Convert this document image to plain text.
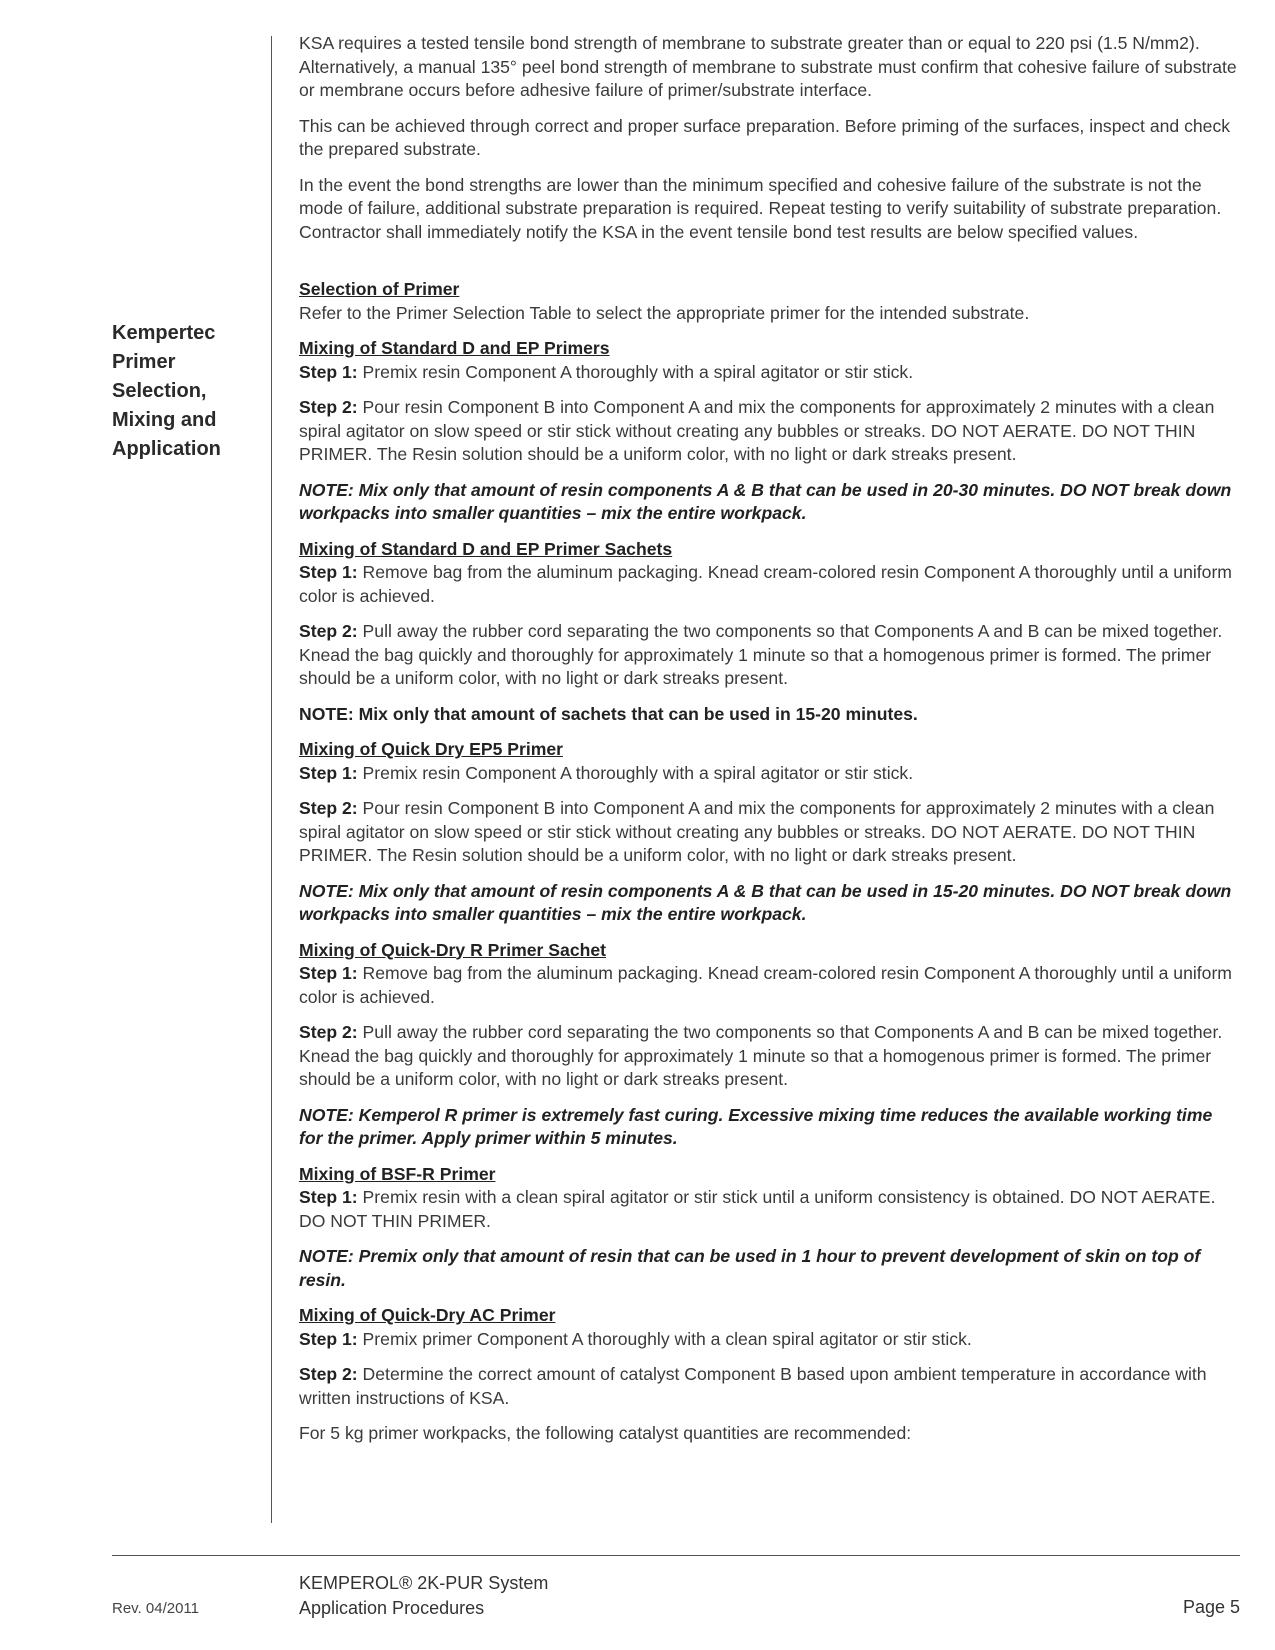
Kempertec
Primer
Selection,
Mixing and
Application

KSA requires a tested tensile bond strength of membrane to substrate greater than or equal to 220 psi (1.5 N/mm2). Alternatively, a manual 135° peel bond strength of membrane to substrate must confirm that cohesive failure of substrate or membrane occurs before adhesive failure of primer/substrate interface.

This can be achieved through correct and proper surface preparation. Before priming of the surfaces, inspect and check the prepared substrate.

In the event the bond strengths are lower than the minimum specified and cohesive failure of the substrate is not the mode of failure, additional substrate preparation is required. Repeat testing to verify suitability of substrate preparation. Contractor shall immediately notify the KSA in the event tensile bond test results are below specified values.

Selection of Primer
Refer to the Primer Selection Table to select the appropriate primer for the intended substrate.

Mixing of Standard D and EP Primers
Step 1: Premix resin Component A thoroughly with a spiral agitator or stir stick.

Step 2: Pour resin Component B into Component A and mix the components for approximately 2 minutes with a clean spiral agitator on slow speed or stir stick without creating any bubbles or streaks. DO NOT AERATE. DO NOT THIN PRIMER. The Resin solution should be a uniform color, with no light or dark streaks present.

NOTE: Mix only that amount of resin components A & B that can be used in 20-30 minutes. DO NOT break down workpacks into smaller quantities – mix the entire workpack.

Mixing of Standard D and EP Primer Sachets
Step 1: Remove bag from the aluminum packaging. Knead cream-colored resin Component A thoroughly until a uniform color is achieved.

Step 2: Pull away the rubber cord separating the two components so that Components A and B can be mixed together. Knead the bag quickly and thoroughly for approximately 1 minute so that a homogenous primer is formed. The primer should be a uniform color, with no light or dark streaks present.

NOTE: Mix only that amount of sachets that can be used in 15-20 minutes.

Mixing of Quick Dry EP5 Primer
Step 1: Premix resin Component A thoroughly with a spiral agitator or stir stick.

Step 2: Pour resin Component B into Component A and mix the components for approximately 2 minutes with a clean spiral agitator on slow speed or stir stick without creating any bubbles or streaks. DO NOT AERATE. DO NOT THIN PRIMER. The Resin solution should be a uniform color, with no light or dark streaks present.

NOTE: Mix only that amount of resin components A & B that can be used in 15-20 minutes. DO NOT break down workpacks into smaller quantities – mix the entire workpack.

Mixing of Quick-Dry R Primer Sachet
Step 1: Remove bag from the aluminum packaging. Knead cream-colored resin Component A thoroughly until a uniform color is achieved.

Step 2: Pull away the rubber cord separating the two components so that Components A and B can be mixed together. Knead the bag quickly and thoroughly for approximately 1 minute so that a homogenous primer is formed. The primer should be a uniform color, with no light or dark streaks present.

NOTE: Kemperol R primer is extremely fast curing. Excessive mixing time reduces the available working time for the primer. Apply primer within 5 minutes.

Mixing of BSF-R Primer
Step 1: Premix resin with a clean spiral agitator or stir stick until a uniform consistency is obtained. DO NOT AERATE. DO NOT THIN PRIMER.

NOTE: Premix only that amount of resin that can be used in 1 hour to prevent development of skin on top of resin.

Mixing of Quick-Dry AC Primer
Step 1: Premix primer Component A thoroughly with a clean spiral agitator or stir stick.

Step 2: Determine the correct amount of catalyst Component B based upon ambient temperature in accordance with written instructions of KSA.

For 5 kg primer workpacks, the following catalyst quantities are recommended:

Rev. 04/2011
KEMPEROL® 2K-PUR System
Application Procedures	Page 5
